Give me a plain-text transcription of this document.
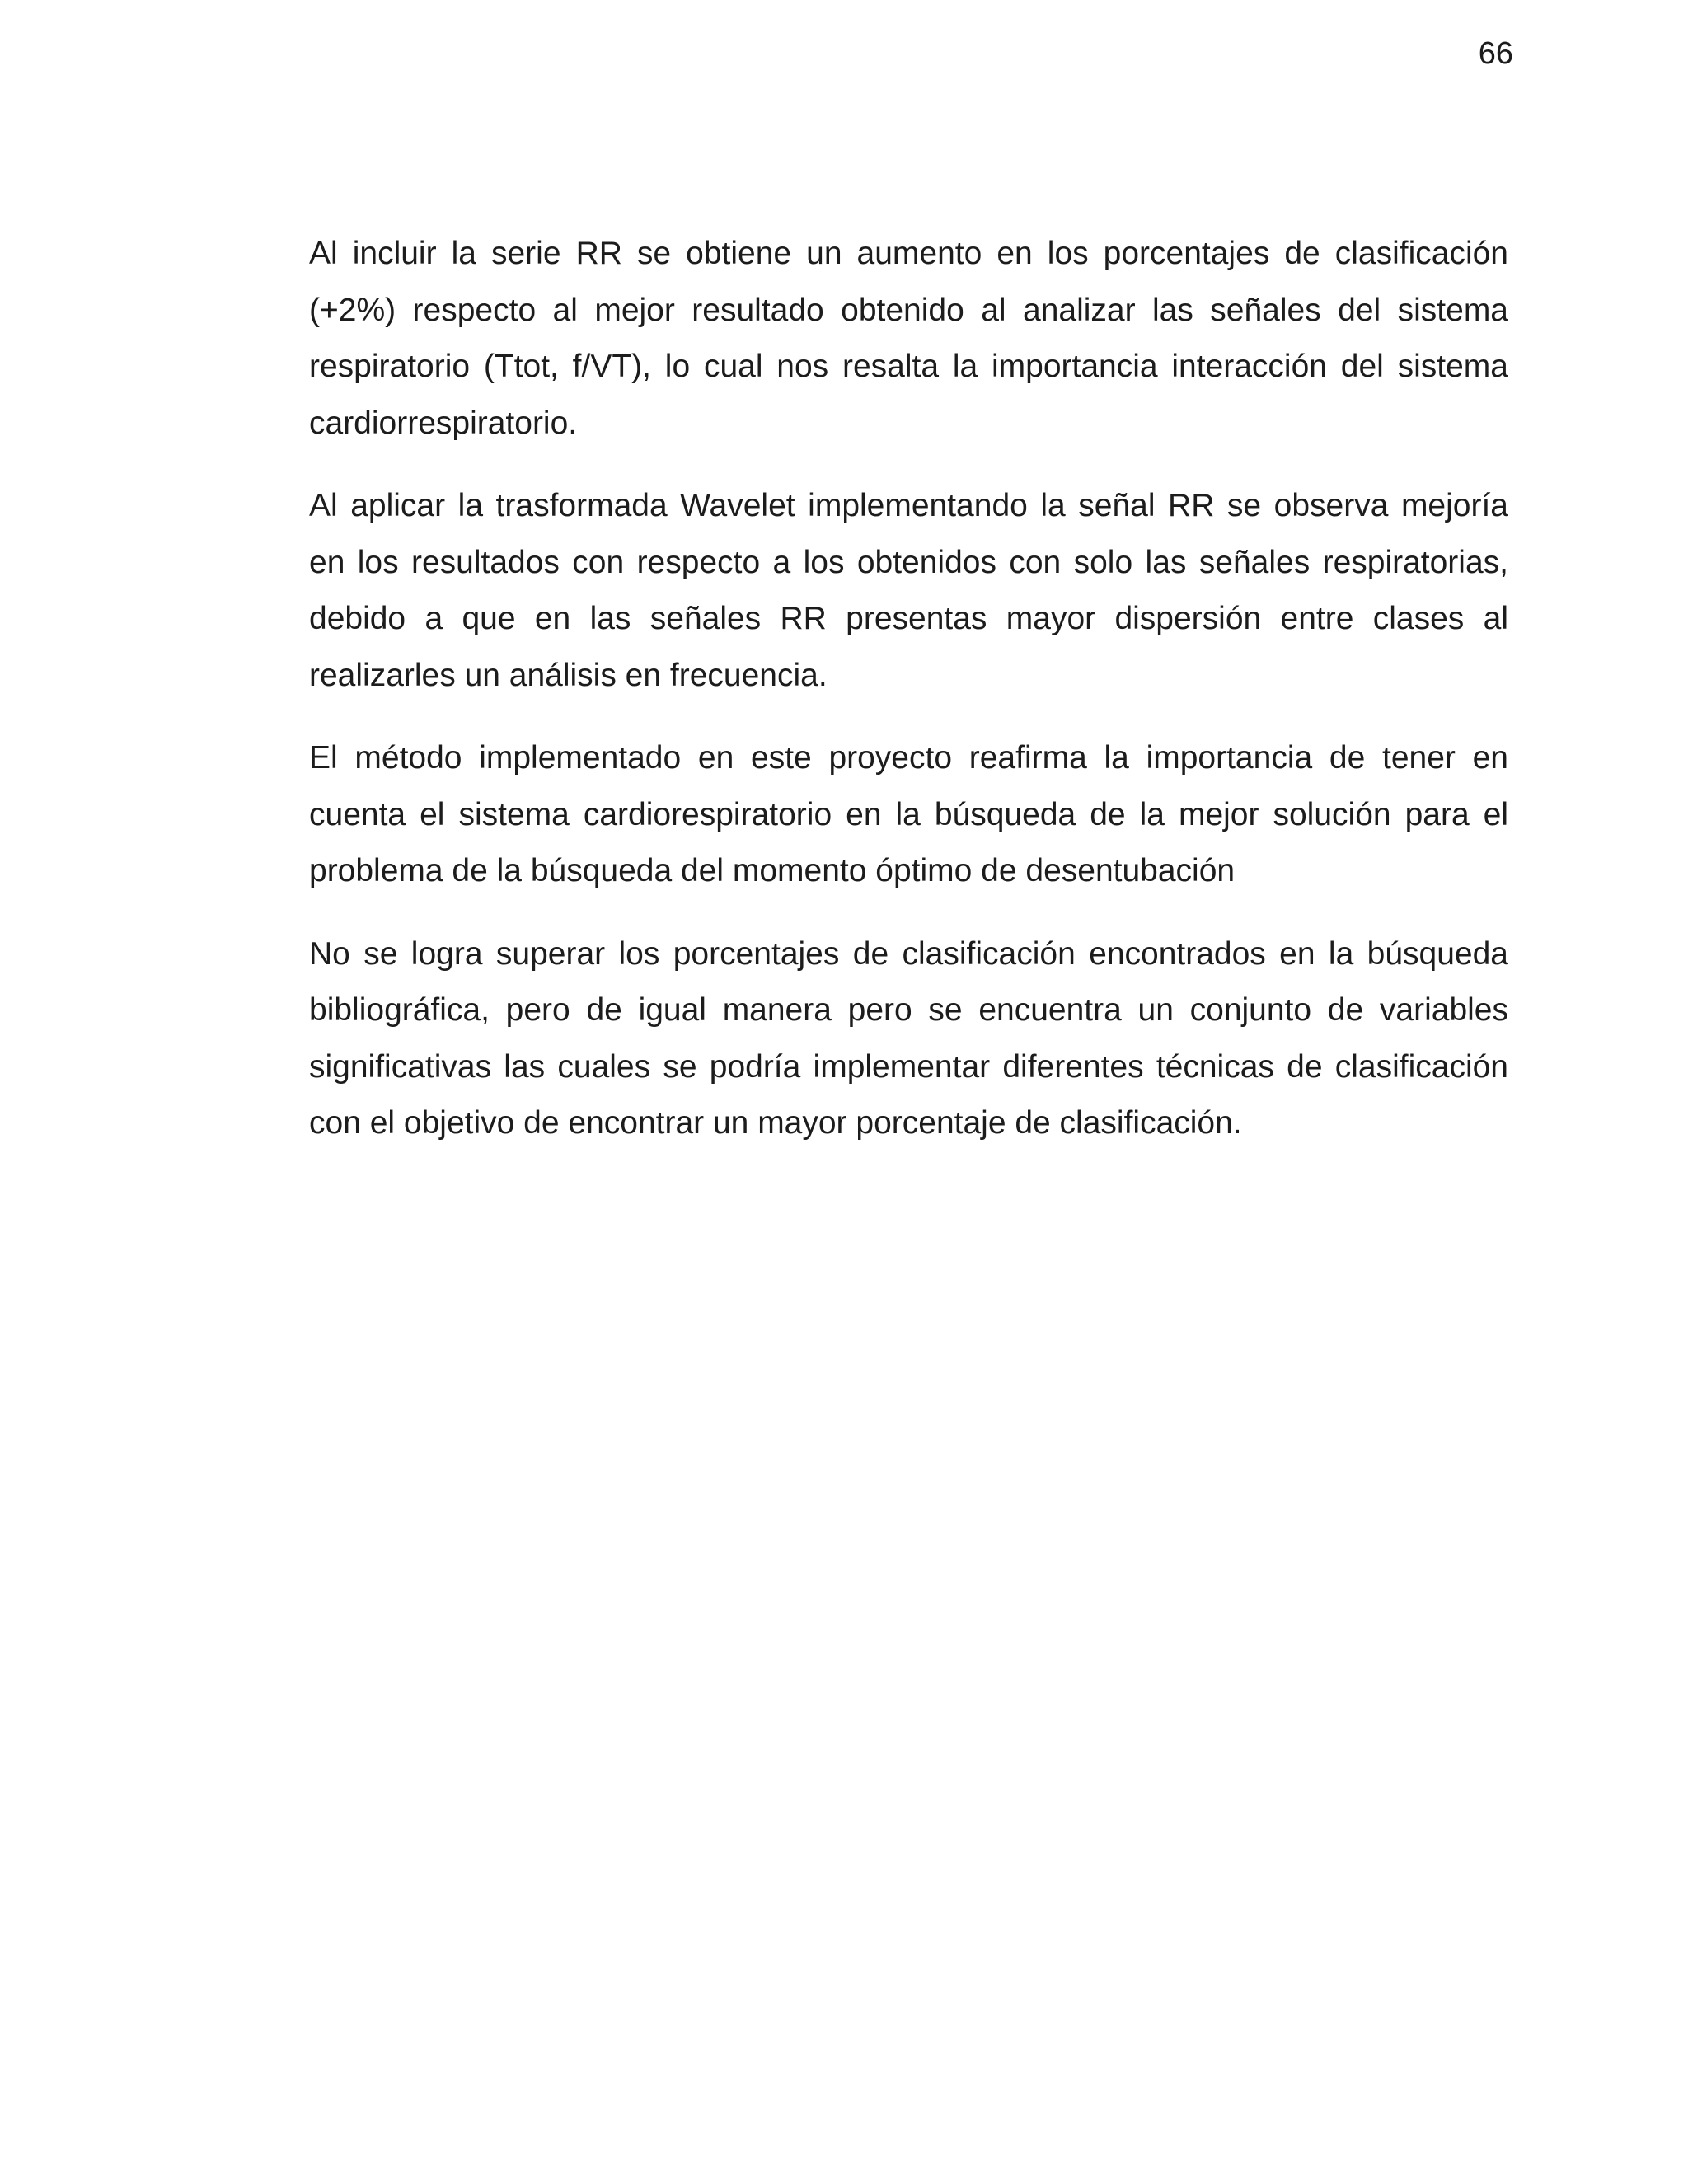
66

Al incluir la serie RR se obtiene un aumento en los porcentajes de clasificación (+2%) respecto al mejor resultado obtenido al analizar las señales del sistema respiratorio (Ttot, f/VT), lo cual nos resalta la importancia interacción del sistema cardiorrespiratorio.

Al aplicar la trasformada Wavelet implementando la señal RR se observa mejoría en los resultados con respecto a los obtenidos con solo las señales respiratorias, debido a que en las señales RR presentas mayor dispersión entre clases al realizarles un análisis en frecuencia.

El método implementado en este proyecto reafirma la importancia de tener en cuenta el sistema cardiorespiratorio en la búsqueda de la mejor solución para el problema de la búsqueda del momento óptimo de desentubación

No se logra superar los porcentajes de clasificación encontrados en la búsqueda bibliográfica, pero de igual manera pero se encuentra un conjunto de variables significativas las cuales se podría implementar diferentes técnicas de clasificación con el objetivo de encontrar un mayor porcentaje de clasificación.
